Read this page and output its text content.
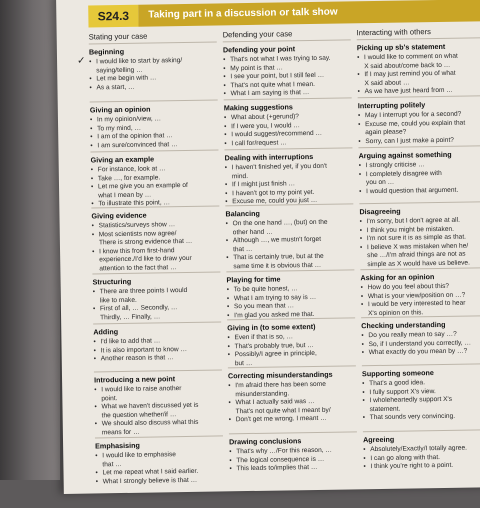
✓
S24.3	Taking part in a discussion or talk show
Stating your case
Beginning
• I would like to start by asking/
saying/telling …
• Let me begin with …
• As a start, …
Giving an opinion
• In my opinion/view, …
• To my mind, …
• I am of the opinion that …
• I am sure/convinced that …
Giving an example
• For instance, look at …
• Take …, for example.
• Let me give you an example of
what I mean by …
• To illustrate this point, …
Giving evidence
• Statistics/surveys show …
• Most scientists now agree/
There is strong evidence that …
• I know this from first-hand
experience./I'd like to draw your
attention to the fact that …
Structuring
• There are three points I would
like to make.
• First of all, … Secondly, …
Thirdly, … Finally, …
Adding
• I'd like to add that …
• It is also important to know …
• Another reason is that …
Introducing a new point
• I would like to raise another
point.
• What we haven't discussed yet is
the question whether/if …
• We should also discuss what this
means for …
Emphasising
• I would like to emphasise
that …
• Let me repeat what I said earlier.
• What I strongly believe is that …
Defending your case
Defending your point
• That's not what I was trying to say.
• My point is that …
• I see your point, but I still feel …
• That's not quite what I mean.
• What I am saying is that …
Making suggestions
• What about (+gerund)?
• If I were you, I would …
• I would suggest/recommend …
• I call for/request …
Dealing with interruptions
• I haven't finished yet, if you don't
mind.
• If I might just finish …
• I haven't got to my point yet.
• Excuse me, could you just …
Balancing
• On the one hand …, (but) on the
other hand …
• Although …, we mustn't forget
that …
• That is certainly true, but at the
same time it is obvious that …
Playing for time
• To be quite honest, …
• What I am trying to say is …
• So you mean that …
• I'm glad you asked me that.
Giving in (to some extent)
• Even if that is so, …
• That's probably true, but …
• Possibly/I agree in principle,
but …
Correcting misunderstandings
• I'm afraid there has been some
misunderstanding.
• What I actually said was …
That's not quite what I meant by/
• Don't get me wrong. I meant …
Drawing conclusions
• That's why …/For this reason, …
• The logical consequence is …
• This leads to/implies that …
Interacting with others
Picking up sb's statement
• I would like to comment on what
X said about/come back to …
• If I may just remind you of what
X said about …
• As we have just heard from …
Interrupting politely
• May I interrupt you for a second?
• Excuse me, could you explain that
again please?
• Sorry, can I just make a point?
Arguing against something
• I strongly criticise …
• I completely disagree with
you on …
• I would question that argument.
Disagreeing
• I'm sorry, but I don't agree at all.
• I think you might be mistaken.
• I'm not sure it is as simple as that.
• I believe X was mistaken when he/
she …/I'm afraid things are not as
simple as X would have us believe.
Asking for an opinion
• How do you feel about this?
• What is your view/position on …?
• I would be very interested to hear
X's opinion on this.
Checking understanding
• Do you really mean to say …?
• So, if I understand you correctly, …
• What exactly do you mean by …?
Supporting someone
• That's a good idea.
• I fully support X's view.
• I wholeheartedly support X's
statement.
• That sounds very convincing.
Agreeing
• Absolutely/Exactly/I totally agree.
• I can go along with that.
• I think you're right to a point.
